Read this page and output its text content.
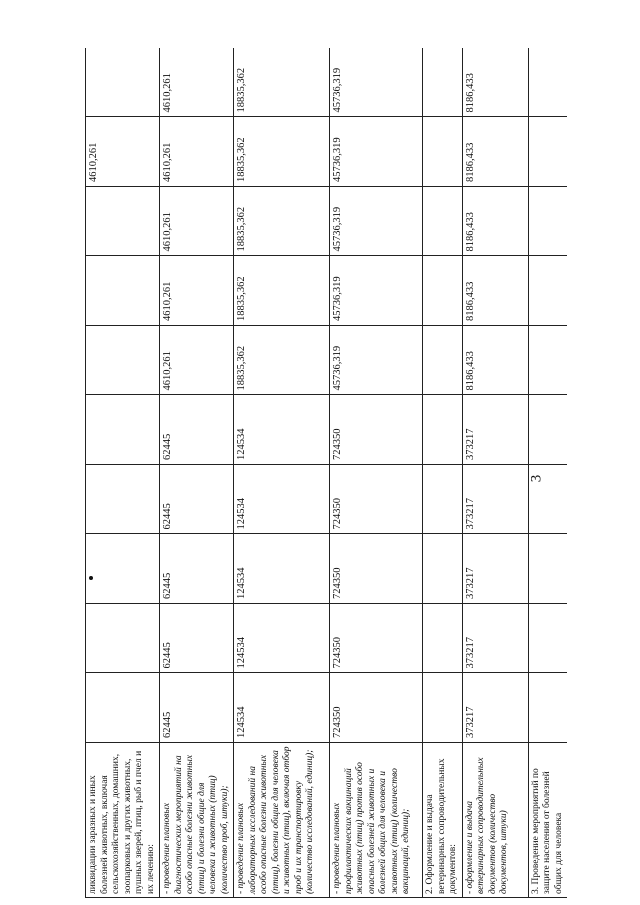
3
ликвидации заразных и иных болезней животных, включая сельскохозяйственных, домашних, зоопарковых и других животных, пушных зверей, птиц, рыб и пчел и их лечению:									4610,261	
- проведение плановых диагностических мероприятий на особо опасные болезни животных (птиц) и болезни общие для человека и животных (птиц) (количество проб, штуки);	62445	62445	62445	62445	62445	4610,261	4610,261	4610,261	4610,261	4610,261
- проведение плановых лабораторных исследований на особо опасные болезни животных (птиц), болезни общие для человека и животных (птиц), включая отбор проб и их транспортировку (количество исследований, единиц);	124534	124534	124534	124534	124534	18835,362	18835,362	18835,362	18835,362	18835,362
- проведение плановых профилактических вакцинаций животных (птиц) против особо опасных болезней животных и болезней общих для человека и животных (птиц) (количество вакцинаций, единиц);	724350	724350	724350	724350	724350	45736,319	45736,319	45736,319	45736,319	45736,319
2. Оформление и выдача ветеринарных сопроводительных документов:										
- оформление и выдача ветеринарных сопроводительных документов (количество документов, штуки)	373217	373217	373217	373217	373217	8186,433	8186,433	8186,433	8186,433	8186,433
3. Проведение мероприятий по защите населения от болезней общих для человека										
